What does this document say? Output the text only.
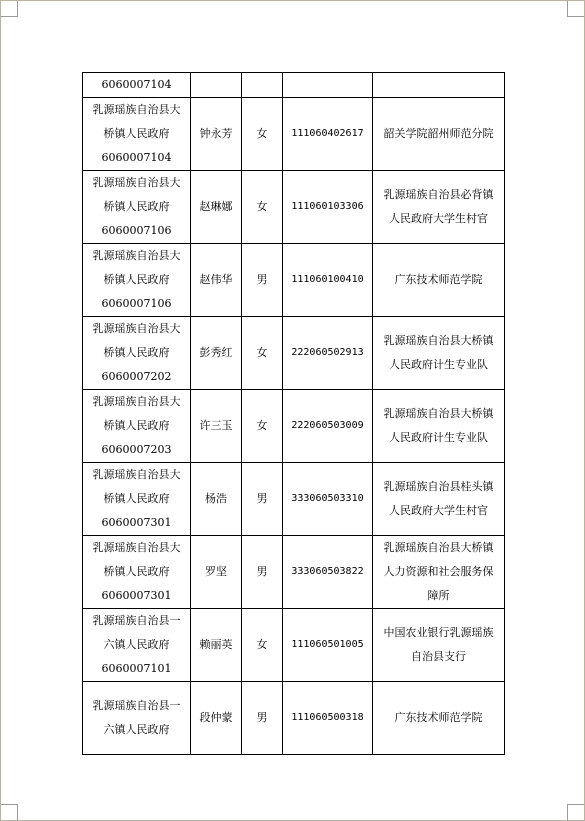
6060007104				

乳源瑶族自治县大
桥镇人民政府
6060007104	钟永芳	女	111060402617	韶关学院韶州师范分院

乳源瑶族自治县大
桥镇人民政府
6060007106	赵琳娜	女	111060103306	乳源瑶族自治县必背镇
人民政府大学生村官

乳源瑶族自治县大
桥镇人民政府
6060007106	赵伟华	男	111060100410	广东技术师范学院

乳源瑶族自治县大
桥镇人民政府
6060007202	彭秀红	女	222060502913	乳源瑶族自治县大桥镇
人民政府计生专业队

乳源瑶族自治县大
桥镇人民政府
6060007203	许三玉	女	222060503009	乳源瑶族自治县大桥镇
人民政府计生专业队

乳源瑶族自治县大
桥镇人民政府
6060007301	杨浩	男	333060503310	乳源瑶族自治县桂头镇
人民政府大学生村官

乳源瑶族自治县大
桥镇人民政府
6060007301	罗坚	男	333060503822	乳源瑶族自治县大桥镇
人力资源和社会服务保
障所

乳源瑶族自治县一
六镇人民政府
6060007101	赖丽英	女	111060501005	中国农业银行乳源瑶族
自治县支行

乳源瑶族自治县一
六镇人民政府	段仲蒙	男	111060500318	广东技术师范学院
